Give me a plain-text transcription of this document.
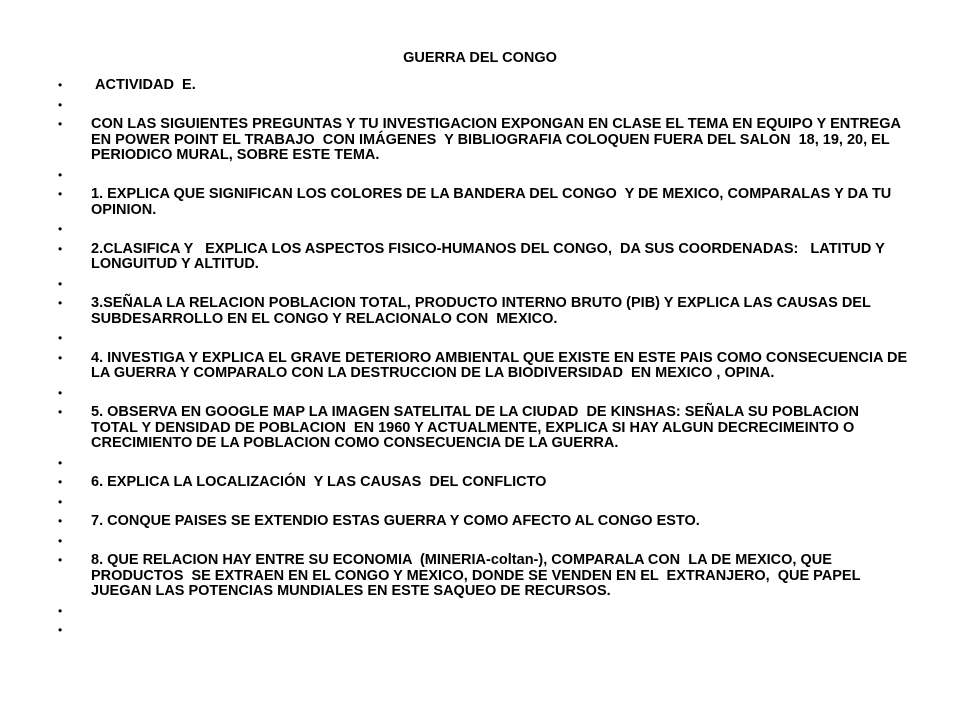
GUERRA DEL CONGO
• ACTIVIDAD  E.
•
• CON LAS SIGUIENTES PREGUNTAS Y TU INVESTIGACION EXPONGAN EN CLASE EL TEMA EN EQUIPO Y ENTREGA  EN POWER POINT EL TRABAJO  CON IMÁGENES  Y BIBLIOGRAFIA COLOQUEN FUERA DEL SALON  18, 19, 20, EL  PERIODICO MURAL, SOBRE ESTE TEMA.
•
• 1. EXPLICA QUE SIGNIFICAN LOS COLORES DE LA BANDERA DEL CONGO  Y DE MEXICO, COMPARALAS Y DA TU OPINION.
•
• 2.CLASIFICA Y   EXPLICA LOS ASPECTOS FISICO-HUMANOS DEL CONGO,  DA SUS COORDENADAS:   LATITUD Y LONGUITUD Y ALTITUD.
•
• 3.SEÑALA LA RELACION POBLACION TOTAL, PRODUCTO INTERNO BRUTO (PIB) Y EXPLICA LAS CAUSAS DEL SUBDESARROLLO EN EL CONGO Y RELACIONALO CON  MEXICO.
•
• 4. INVESTIGA Y EXPLICA EL GRAVE DETERIORO AMBIENTAL QUE EXISTE EN ESTE PAIS COMO CONSECUENCIA DE LA GUERRA Y COMPARALO CON LA DESTRUCCION DE LA BIODIVERSIDAD  EN MEXICO , OPINA.
•
• 5. OBSERVA EN GOOGLE MAP LA IMAGEN SATELITAL DE LA CIUDAD  DE KINSHAS: SEÑALA SU POBLACION TOTAL Y DENSIDAD DE POBLACION  EN 1960 Y ACTUALMENTE, EXPLICA SI HAY ALGUN DECRECIMEINTO O CRECIMIENTO DE LA POBLACION COMO CONSECUENCIA DE LA GUERRA.
•
• 6. EXPLICA LA LOCALIZACIÓN  Y LAS CAUSAS  DEL CONFLICTO
•
• 7. CONQUE PAISES SE EXTENDIO ESTAS GUERRA Y COMO AFECTO AL CONGO ESTO.
•
• 8. QUE RELACION HAY ENTRE SU ECONOMIA  (MINERIA-coltan-), COMPARALA CON  LA DE MEXICO, QUE PRODUCTOS  SE EXTRAEN EN EL CONGO Y MEXICO, DONDE SE VENDEN EN EL  EXTRANJERO,  QUE PAPEL JUEGAN LAS POTENCIAS MUNDIALES EN ESTE SAQUEO DE RECURSOS.
•
•
